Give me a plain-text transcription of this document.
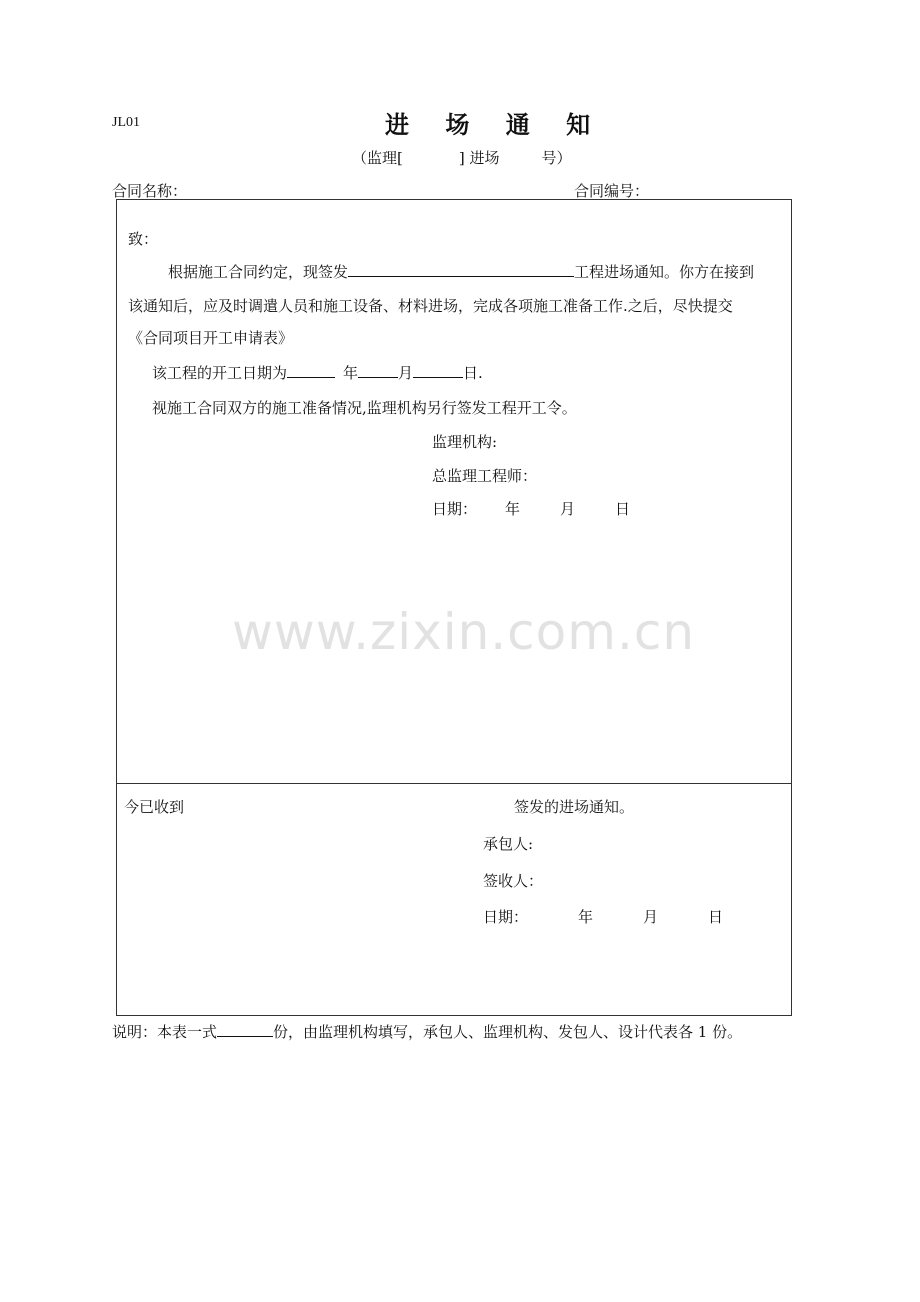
JL01	进 场 通 知
（监理[	] 进场	号）
合同名称：	合同编号：
致：
根据施工合同约定，现签发	工程进场通知。你方在接到
该通知后，应及时调遣人员和施工设备、材料进场，完成各项施工准备工作.之后，尽快提交
《合同项目开工申请表》
该工程的开工日期为	年	月	日.
视施工合同双方的施工准备情况,监理机构另行签发工程开工令。
监理机构:
总监理工程师：
日期： 年	月	日
www.zixin.com.cn
今已收到	签发的进场通知。
承包人:
签收人：
日期：	年	月	日
说明：本表一式	份，由监理机构填写，承包人、监理机构、发包人、设计代表各 1 份。
